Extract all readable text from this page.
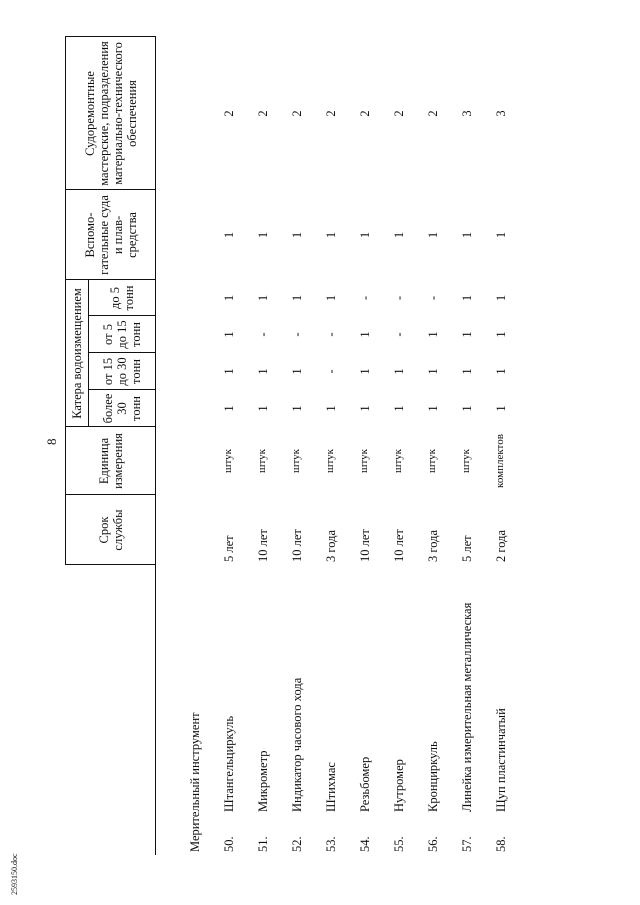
8
2593150.doc
		Срок службы	Единица измерения	Катера водоизмещением				Вспомо-гательные суда и плав-средства	Судоремонтные мастерские, подразделения материально-технического обеспечения
				более 30 тонн	от 15 до 30 тонн	от 5 до 15 тонн	до 5 тонн		
Мерительный инструмент									
50.	Штангельциркуль	5 лет	штук	1	1	1	1	1	2
51.	Микрометр	10 лет	штук	1	1	-	1	1	2
52.	Индикатор часового хода	10 лет	штук	1	1	-	1	1	2
53.	Штихмас	3 года	штук	1	-	-	1	1	2
54.	Резьбомер	10 лет	штук	1	1	1	-	1	2
55.	Нутромер	10 лет	штук	1	1	-	-	1	2
56.	Кронциркуль	3 года	штук	1	1	1	-	1	2
57.	Линейка измерительная металлическая	5 лет	штук	1	1	1	1	1	3
58.	Щуп пластинчатый	2 года	комплектов	1	1	1	1	1	3
